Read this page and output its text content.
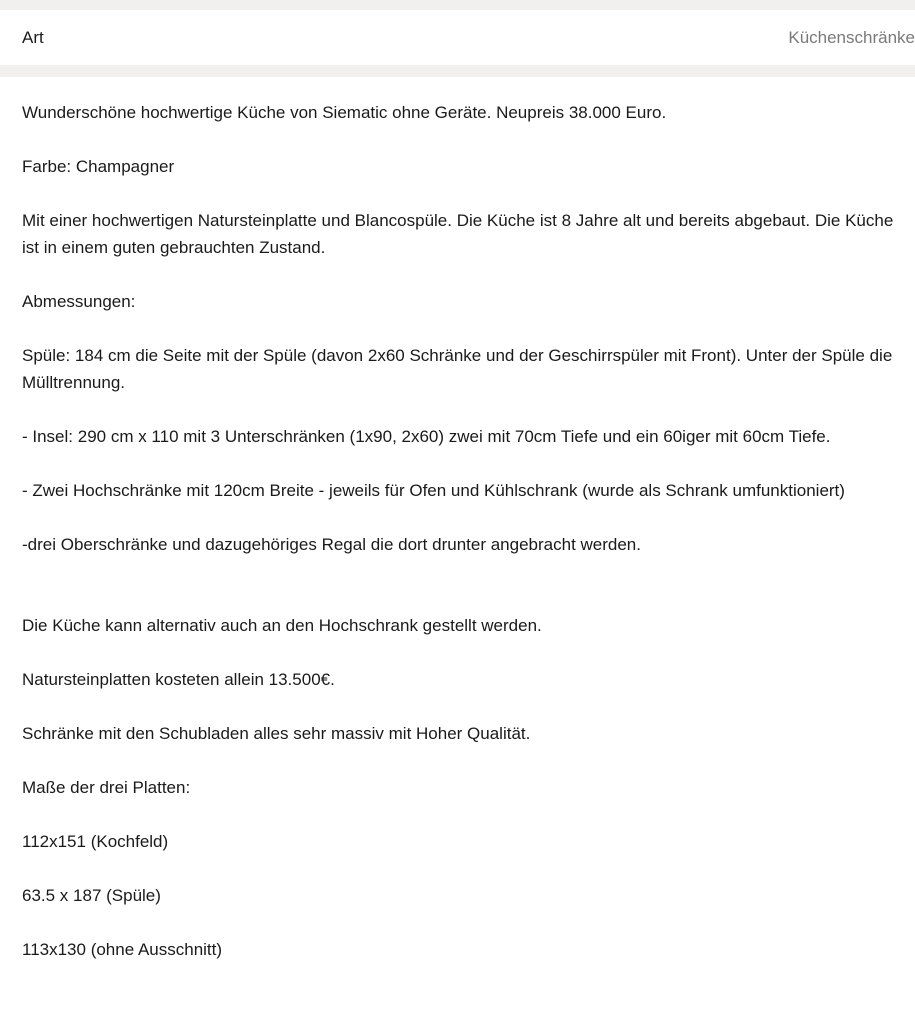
Art	Küchenschränke

Wunderschöne hochwertige Küche von Siematic ohne Geräte. Neupreis 38.000 Euro.

Farbe: Champagner

Mit einer hochwertigen Natursteinplatte und Blancospüle. Die Küche ist 8 Jahre alt und bereits abgebaut. Die Küche ist in einem guten gebrauchten Zustand.

Abmessungen:

Spüle: 184 cm die Seite mit der Spüle (davon 2x60 Schränke und der Geschirrspüler mit Front). Unter der Spüle die Mülltrennung.

- Insel: 290 cm x 110 mit 3 Unterschränken (1x90, 2x60) zwei mit 70cm Tiefe und ein 60iger mit 60cm Tiefe.

- Zwei Hochschränke mit 120cm Breite - jeweils für Ofen und Kühlschrank (wurde als Schrank umfunktioniert)

-drei Oberschränke und dazugehöriges Regal die dort drunter angebracht werden.

Die Küche kann alternativ auch an den Hochschrank gestellt werden.

Natursteinplatten kosteten allein 13.500€.

Schränke mit den Schubladen alles sehr massiv mit Hoher Qualität.

Maße der drei Platten:

112x151 (Kochfeld)

63.5 x 187 (Spüle)

113x130 (ohne Ausschnitt)
